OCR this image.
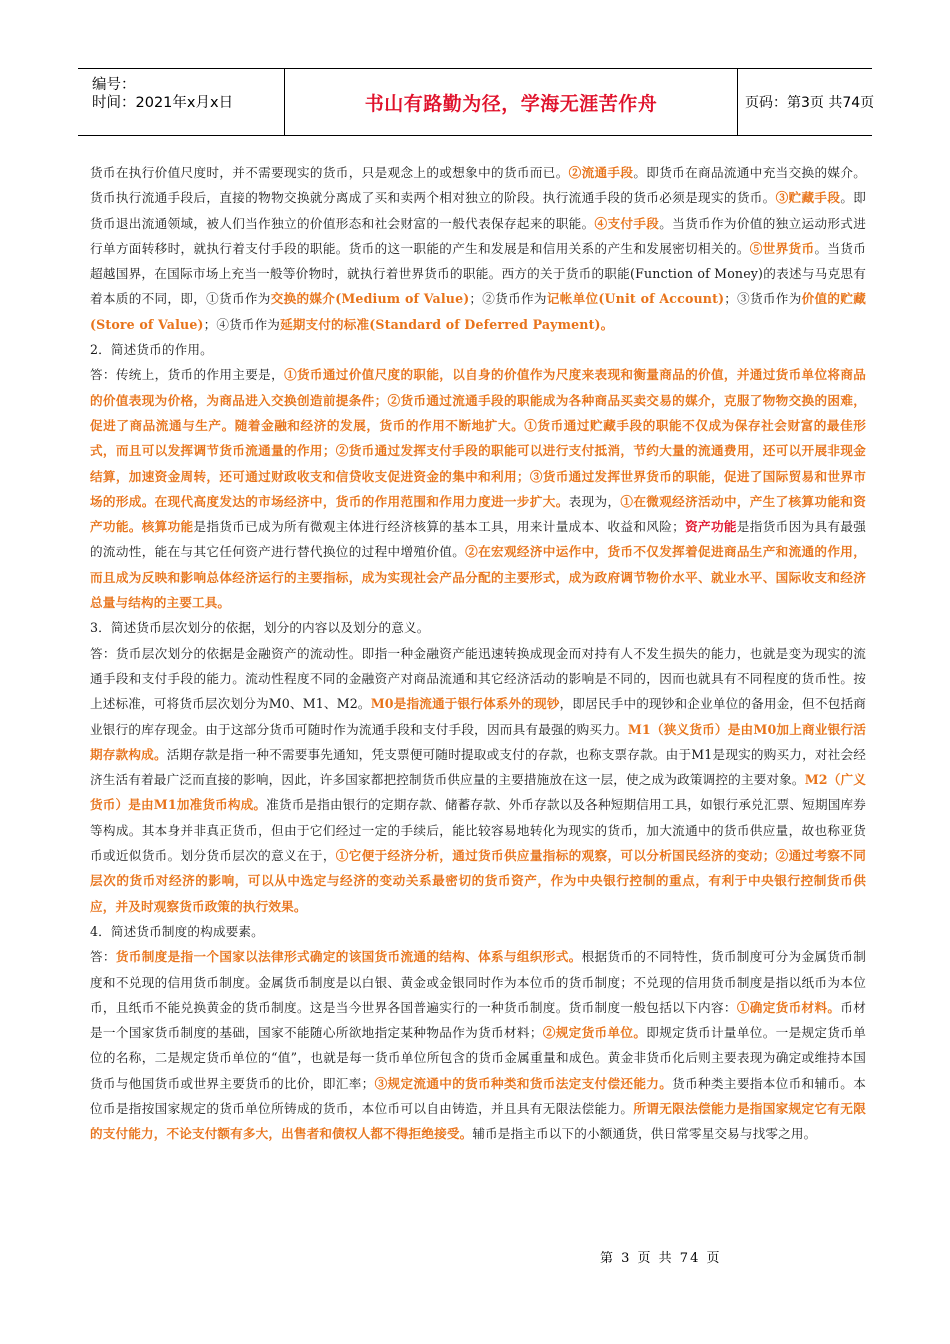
编号：
时间：2021年x月x日	书山有路勤为径，学海无涯苦作舟	页码：第3页 共74页

货币在执行价值尺度时，并不需要现实的货币，只是观念上的或想象中的货币而已。②流通手段。即货币在商品流通中充当交换的媒介。货币执行流通手段后，直接的物物交换就分离成了买和卖两个相对独立的阶段。执行流通手段的货币必须是现实的货币。③贮藏手段。即货币退出流通领域，被人们当作独立的价值形态和社会财富的一般代表保存起来的职能。④支付手段。当货币作为价值的独立运动形式进行单方面转移时，就执行着支付手段的职能。货币的这一职能的产生和发展是和信用关系的产生和发展密切相关的。⑤世界货币。当货币超越国界，在国际市场上充当一般等价物时，就执行着世界货币的职能。西方的关于货币的职能(Function of Money)的表述与马克思有着本质的不同，即，①货币作为交换的媒介(Medium of Value)；②货币作为记帐单位(Unit of Account)；③货币作为价值的贮藏(Store of Value)；④货币作为延期支付的标准(Standard of Deferred Payment)。

2．简述货币的作用。

答：传统上，货币的作用主要是，①货币通过价值尺度的职能，以自身的价值作为尺度来表现和衡量商品的价值，并通过货币单位将商品的价值表现为价格，为商品进入交换创造前提条件；②货币通过流通手段的职能成为各种商品买卖交易的媒介，克服了物物交换的困难，促进了商品流通与生产。随着金融和经济的发展，货币的作用不断地扩大。①货币通过贮藏手段的职能不仅成为保存社会财富的最佳形式，而且可以发挥调节货币流通量的作用；②货币通过发挥支付手段的职能可以进行支付抵消，节约大量的流通费用，还可以开展非现金结算，加速资金周转，还可通过财政收支和信贷收支促进资金的集中和利用；③货币通过发挥世界货币的职能，促进了国际贸易和世界市场的形成。在现代高度发达的市场经济中，货币的作用范围和作用力度进一步扩大。表现为，①在微观经济活动中，产生了核算功能和资产功能。核算功能是指货币已成为所有微观主体进行经济核算的基本工具，用来计量成本、收益和风险；资产功能是指货币因为具有最强的流动性，能在与其它任何资产进行替代换位的过程中增殖价值。②在宏观经济中运作中，货币不仅发挥着促进商品生产和流通的作用，而且成为反映和影响总体经济运行的主要指标，成为实现社会产品分配的主要形式，成为政府调节物价水平、就业水平、国际收支和经济总量与结构的主要工具。

3．简述货币层次划分的依据，划分的内容以及划分的意义。

答：货币层次划分的依据是金融资产的流动性。即指一种金融资产能迅速转换成现金而对持有人不发生损失的能力，也就是变为现实的流通手段和支付手段的能力。流动性程度不同的金融资产对商品流通和其它经济活动的影响是不同的，因而也就具有不同程度的货币性。按上述标准，可将货币层次划分为M0、M1、M2。M0是指流通于银行体系外的现钞，即居民手中的现钞和企业单位的备用金，但不包括商业银行的库存现金。由于这部分货币可随时作为流通手段和支付手段，因而具有最强的购买力。M1（狭义货币）是由M0加上商业银行活期存款构成。活期存款是指一种不需要事先通知，凭支票便可随时提取或支付的存款，也称支票存款。由于M1是现实的购买力，对社会经济生活有着最广泛而直接的影响，因此，许多国家都把控制货币供应量的主要措施放在这一层，使之成为政策调控的主要对象。M2（广义货币）是由M1加准货币构成。准货币是指由银行的定期存款、储蓄存款、外币存款以及各种短期信用工具，如银行承兑汇票、短期国库券等构成。其本身并非真正货币，但由于它们经过一定的手续后，能比较容易地转化为现实的货币，加大流通中的货币供应量，故也称亚货币或近似货币。划分货币层次的意义在于，①它便于经济分析，通过货币供应量指标的观察，可以分析国民经济的变动；②通过考察不同层次的货币对经济的影响，可以从中选定与经济的变动关系最密切的货币资产，作为中央银行控制的重点，有利于中央银行控制货币供应，并及时观察货币政策的执行效果。

4．简述货币制度的构成要素。

答：货币制度是指一个国家以法律形式确定的该国货币流通的结构、体系与组织形式。根据货币的不同特性，货币制度可分为金属货币制度和不兑现的信用货币制度。金属货币制度是以白银、黄金或金银同时作为本位币的货币制度；不兑现的信用货币制度是指以纸币为本位币，且纸币不能兑换黄金的货币制度。这是当今世界各国普遍实行的一种货币制度。货币制度一般包括以下内容：①确定货币材料。币材是一个国家货币制度的基础，国家不能随心所欲地指定某种物品作为货币材料；②规定货币单位。即规定货币计量单位。一是规定货币单位的名称，二是规定货币单位的“值”，也就是每一货币单位所包含的货币金属重量和成色。黄金非货币化后则主要表现为确定或维持本国货币与他国货币或世界主要货币的比价，即汇率；③规定流通中的货币种类和货币法定支付偿还能力。货币种类主要指本位币和辅币。本位币是指按国家规定的货币单位所铸成的货币，本位币可以自由铸造，并且具有无限法偿能力。所谓无限法偿能力是指国家规定它有无限的支付能力，不论支付额有多大，出售者和债权人都不得拒绝接受。辅币是指主币以下的小额通货，供日常零星交易与找零之用。

第 3 页 共 74 页
